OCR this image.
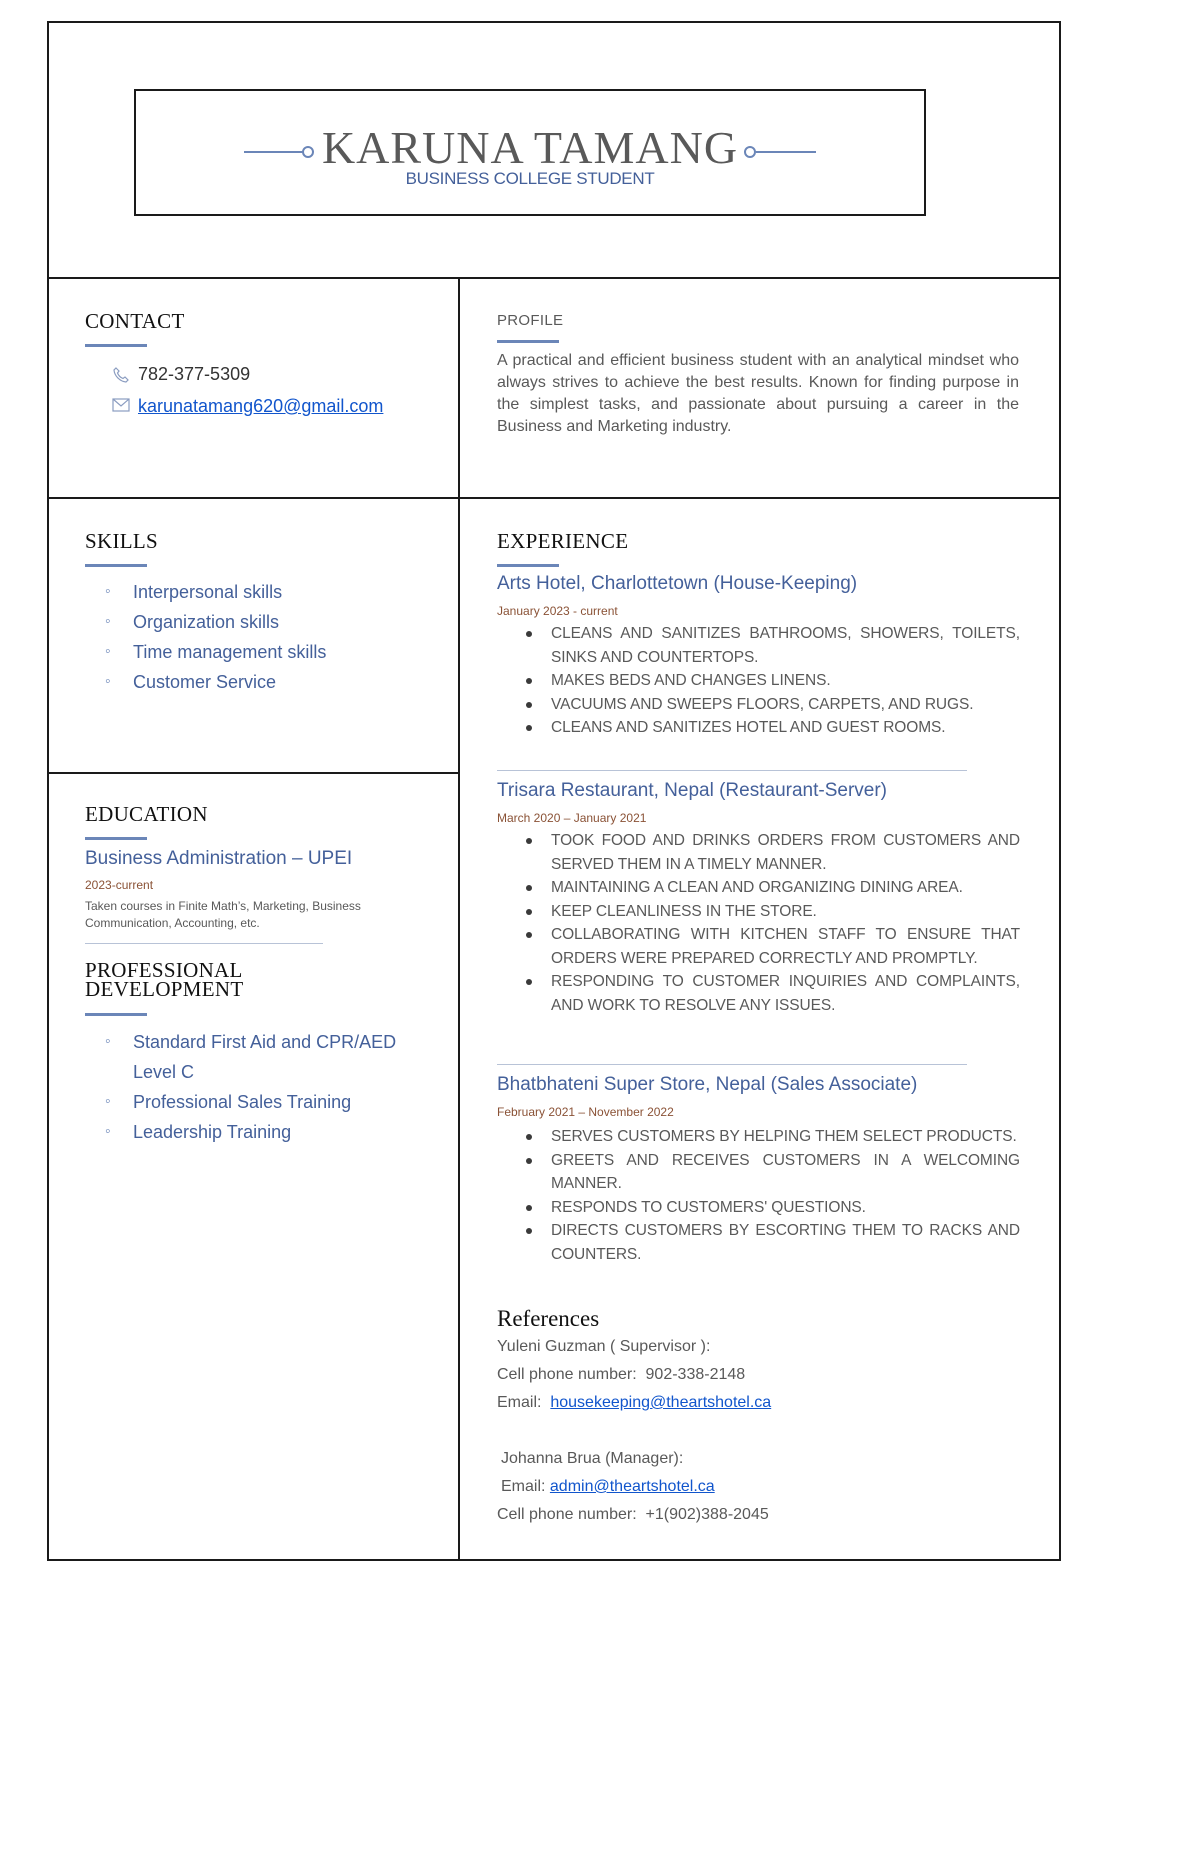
KARUNA TAMANG
BUSINESS COLLEGE STUDENT
CONTACT
782-377-5309
karunatamang620@gmail.com
PROFILE
A practical and efficient business student with an analytical mindset who always strives to achieve the best results. Known for finding purpose in the simplest tasks, and passionate about pursuing a career in the Business and Marketing industry.
SKILLS
◦ Interpersonal skills
◦ Organization skills
◦ Time management skills
◦ Customer Service
EDUCATION
Business Administration – UPEI
2023-current
Taken courses in Finite Math’s, Marketing, Business Communication, Accounting, etc.
PROFESSIONAL
DEVELOPMENT
◦ Standard First Aid and CPR/AED
Level C
◦ Professional Sales Training
◦ Leadership Training
EXPERIENCE
Arts Hotel, Charlottetown (House-Keeping)
January 2023 - current
CLEANS AND SANITIZES BATHROOMS, SHOWERS, TOILETS, SINKS AND COUNTERTOPS.
MAKES BEDS AND CHANGES LINENS.
VACUUMS AND SWEEPS FLOORS, CARPETS, AND RUGS.
CLEANS AND SANITIZES HOTEL AND GUEST ROOMS.
Trisara Restaurant, Nepal (Restaurant-Server)
March 2020 – January 2021
TOOK FOOD AND DRINKS ORDERS FROM CUSTOMERS AND SERVED THEM IN A TIMELY MANNER.
MAINTAINING A CLEAN AND ORGANIZING DINING AREA.
KEEP CLEANLINESS IN THE STORE.
COLLABORATING WITH KITCHEN STAFF TO ENSURE THAT ORDERS WERE PREPARED CORRECTLY AND PROMPTLY.
RESPONDING TO CUSTOMER INQUIRIES AND COMPLAINTS, AND WORK TO RESOLVE ANY ISSUES.
Bhatbhateni Super Store, Nepal (Sales Associate)
February 2021 – November 2022
SERVES CUSTOMERS BY HELPING THEM SELECT PRODUCTS.
GREETS AND RECEIVES CUSTOMERS IN A WELCOMING MANNER.
RESPONDS TO CUSTOMERS' QUESTIONS.
DIRECTS CUSTOMERS BY ESCORTING THEM TO RACKS AND COUNTERS.
References
Yuleni Guzman ( Supervisor ):
Cell phone number: 902-338-2148
Email: housekeeping@theartshotel.ca
Johanna Brua (Manager):
Email: admin@theartshotel.ca
Cell phone number: +1(902)388-2045
